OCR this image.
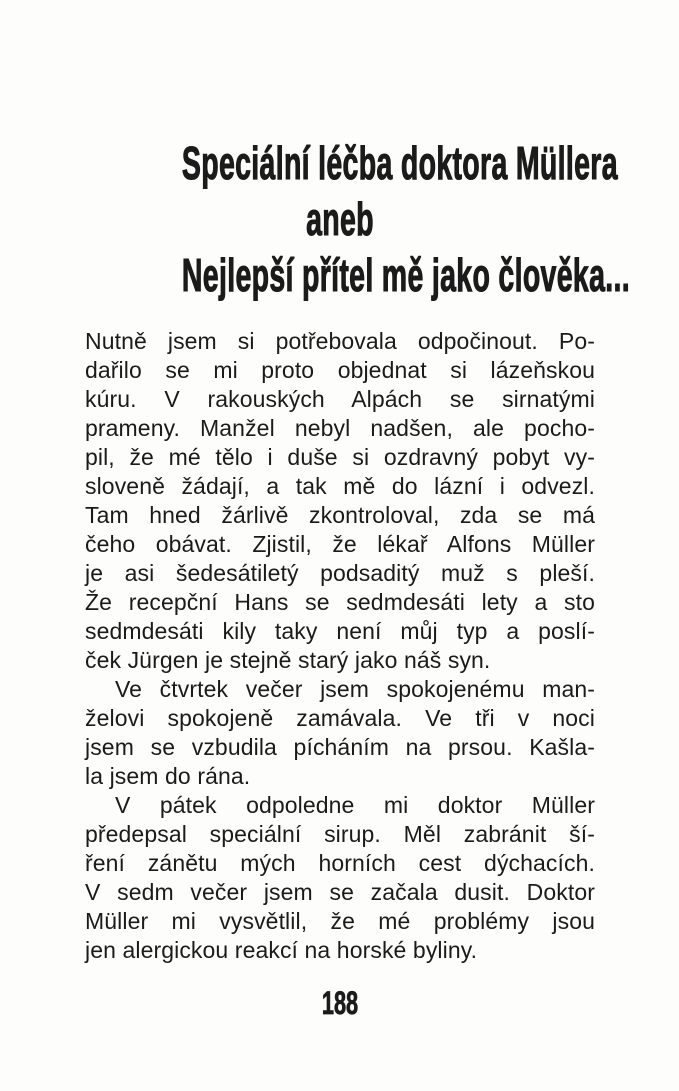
Speciální léčba doktora Müllera
aneb
Nejlepší přítel mě jako člověka...
Nutně jsem si potřebovala odpočinout. Po-
dařilo se mi proto objednat si lázeňskou
kúru. V rakouských Alpách se sirnatými
prameny. Manžel nebyl nadšen, ale pocho-
pil, že mé tělo i duše si ozdravný pobyt vy-
sloveně žádají, a tak mě do lázní i odvezl.
Tam hned žárlivě zkontroloval, zda se má
čeho obávat. Zjistil, že lékař Alfons Müller
je asi šedesátiletý podsaditý muž s pleší.
Že recepční Hans se sedmdesáti lety a sto
sedmdesáti kily taky není můj typ a poslí-
ček Jürgen je stejně starý jako náš syn.
Ve čtvrtek večer jsem spokojenému man-
želovi spokojeně zamávala. Ve tři v noci
jsem se vzbudila pícháním na prsou. Kašla-
la jsem do rána.
V pátek odpoledne mi doktor Müller
předepsal speciální sirup. Měl zabránit ší-
ření zánětu mých horních cest dýchacích.
V sedm večer jsem se začala dusit. Doktor
Müller mi vysvětlil, že mé problémy jsou
jen alergickou reakcí na horské byliny.
188
